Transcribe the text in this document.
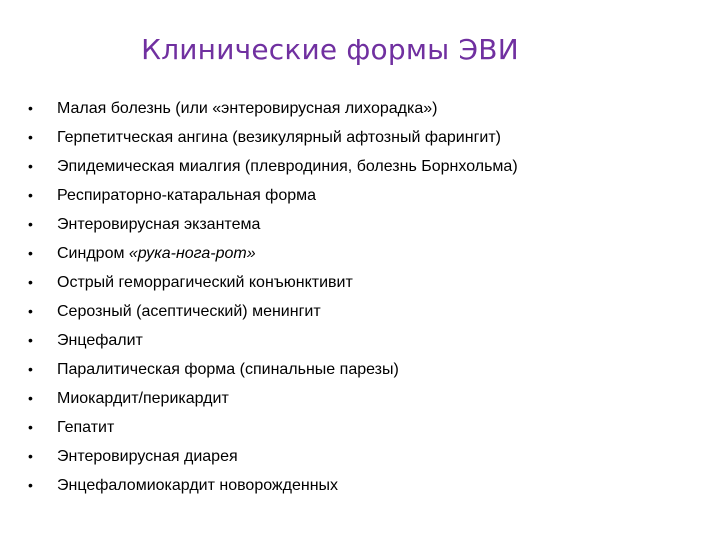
Клинические формы ЭВИ
•	Малая болезнь (или «энтеровирусная лихорадка»)
•	Герпетитческая ангина (везикулярный афтозный фарингит)
•	Эпидемическая миалгия (плевродиния, болезнь Борнхольма)
•	Респираторно-катаральная форма
•	Энтеровирусная экзантема
•	Синдром «рука-нога-рот»
•	Острый геморрагический конъюнктивит
•	Серозный (асептический) менингит
•	Энцефалит
•	Паралитическая форма (спинальные парезы)
•	Миокардит/перикардит
•	Гепатит
•	Энтеровирусная диарея
•	Энцефаломиокардит новорожденных
